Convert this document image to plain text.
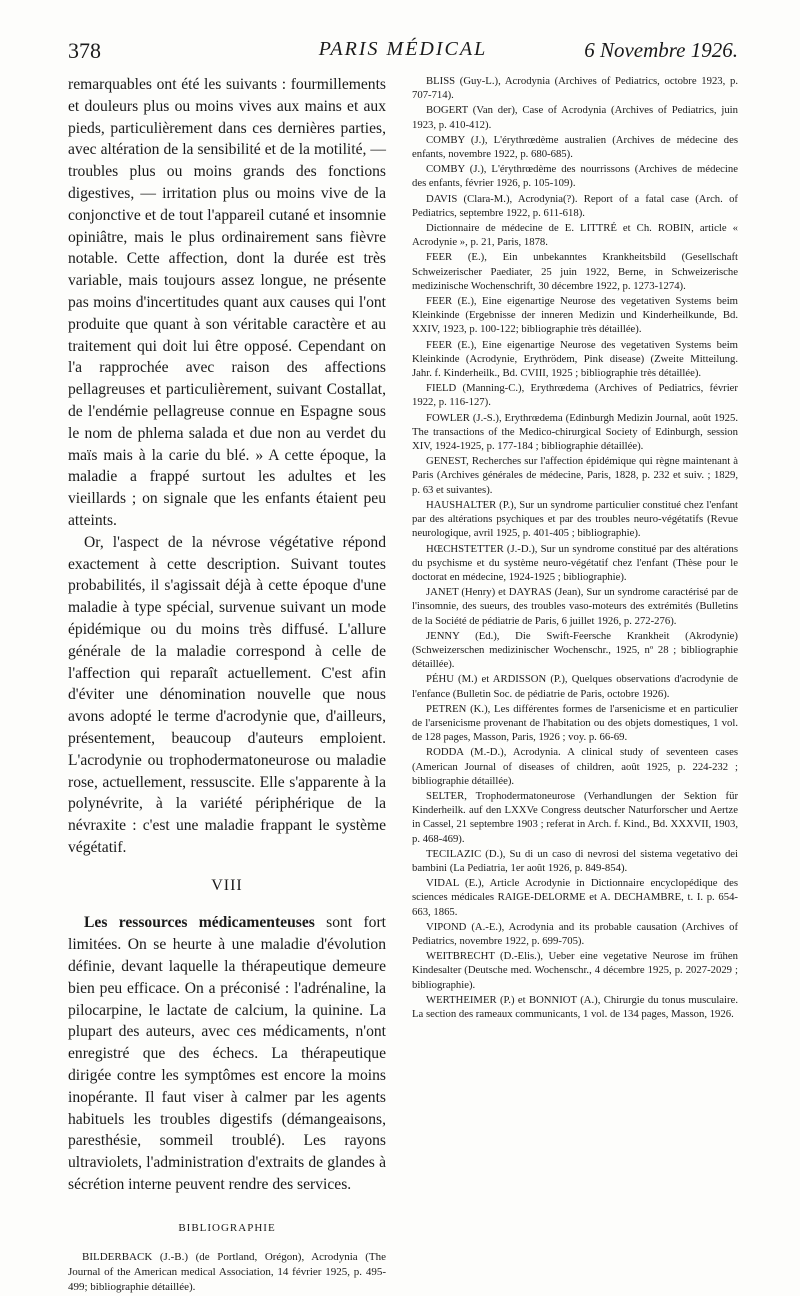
378	PARIS MÉDICAL	6 Novembre 1926.

remarquables ont été les suivants : fourmillements et douleurs plus ou moins vives aux mains et aux pieds, particulièrement dans ces dernières parties, avec altération de la sensibilité et de la motilité, — troubles plus ou moins grands des fonctions digestives, — irritation plus ou moins vive de la conjonctive et de tout l'appareil cutané et insomnie opiniâtre, mais le plus ordinairement sans fièvre notable. Cette affection, dont la durée est très variable, mais toujours assez longue, ne présente pas moins d'incertitudes quant aux causes qui l'ont produite que quant à son véritable caractère et au traitement qui doit lui être opposé. Cependant on l'a rapprochée avec raison des affections pellagreuses et particulièrement, suivant Costallat, de l'endémie pellagreuse connue en Espagne sous le nom de phlema salada et due non au verdet du maïs mais à la carie du blé. » A cette époque, la maladie a frappé surtout les adultes et les vieillards ; on signale que les enfants étaient peu atteints.

Or, l'aspect de la névrose végétative répond exactement à cette description. Suivant toutes probabilités, il s'agissait déjà à cette époque d'une maladie à type spécial, survenue suivant un mode épidémique ou du moins très diffusé. L'allure générale de la maladie correspond à celle de l'affection qui reparaît actuellement. C'est afin d'éviter une dénomination nouvelle que nous avons adopté le terme d'acrodynie que, d'ailleurs, présentement, beaucoup d'auteurs emploient. L'acrodynie ou trophodermatoneurose ou maladie rose, actuellement, ressuscite. Elle s'apparente à la polynévrite, à la variété périphérique de la névraxite : c'est une maladie frappant le système végétatif.

VIII

Les ressources médicamenteuses sont fort limitées. On se heurte à une maladie d'évolution définie, devant laquelle la thérapeutique demeure bien peu efficace. On a préconisé : l'adrénaline, la pilocarpine, le lactate de calcium, la quinine. La plupart des auteurs, avec ces médicaments, n'ont enregistré que des échecs. La thérapeutique dirigée contre les symptômes est encore la moins inopérante. Il faut viser à calmer par les agents habituels les troubles digestifs (démangeaisons, paresthésie, sommeil troublé). Les rayons ultraviolets, l'administration d'extraits de glandes à sécrétion interne peuvent rendre des services.

BIBLIOGRAPHIE
BILDERBACK (J.-B.) (de Portland, Orégon), Acrodynia (The Journal of the American medical Association, 14 février 1925, p. 495-499; bibliographie détaillée).
BLISS (Guy-L.), Acrodynia (Archives of Pediatrics, octobre 1923, p. 707-714).
BOGERT (Van der), Case of Acrodynia (Archives of Pediatrics, juin 1923, p. 410-412).
COMBY (J.), L'érythrœdème australien (Archives de médecine des enfants, novembre 1922, p. 680-685).
COMBY (J.), L'érythrœdème des nourrissons (Archives de médecine des enfants, février 1926, p. 105-109).
DAVIS (Clara-M.), Acrodynia(?). Report of a fatal case (Arch. of Pediatrics, septembre 1922, p. 611-618).
Dictionnaire de médecine de E. LITTRÉ et Ch. ROBIN, article « Acrodynie », p. 21, Paris, 1878.
FEER (E.), Ein unbekanntes Krankheitsbild (Gesellschaft Schweizerischer Paediater, 25 juin 1922, Berne, in Schweizerische medizinische Wochenschrift, 30 décembre 1922, p. 1273-1274).
FEER (E.), Eine eigenartige Neurose des vegetativen Systems beim Kleinkinde (Ergebnisse der inneren Medizin und Kinderheilkunde, Bd. XXIV, 1923, p. 100-122; bibliographie très détaillée).
FEER (E.), Eine eigenartige Neurose des vegetativen Systems beim Kleinkinde (Acrodynie, Erythrödem, Pink disease) (Zweite Mitteilung. Jahr. f. Kinderheilk., Bd. CVIII, 1925 ; bibliographie très détaillée).
FIELD (Manning-C.), Erythrœdema (Archives of Pediatrics, février 1922, p. 116-127).
FOWLER (J.-S.), Erythrœdema (Edinburgh Medizin Journal, août 1925. The transactions of the Medico-chirurgical Society of Edinburgh, session XIV, 1924-1925, p. 177-184 ; bibliographie détaillée).
GENEST, Recherches sur l'affection épidémique qui règne maintenant à Paris (Archives générales de médecine, Paris, 1828, p. 232 et suiv. ; 1829, p. 63 et suivantes).
HAUSHALTER (P.), Sur un syndrome particulier constitué chez l'enfant par des altérations psychiques et par des troubles neuro-végétatifs (Revue neurologique, avril 1925, p. 401-405 ; bibliographie).
HŒCHSTETTER (J.-D.), Sur un syndrome constitué par des altérations du psychisme et du système neuro-végétatif chez l'enfant (Thèse pour le doctorat en médecine, 1924-1925 ; bibliographie).
JANET (Henry) et DAYRAS (Jean), Sur un syndrome caractérisé par de l'insomnie, des sueurs, des troubles vaso-moteurs des extrémités (Bulletins de la Société de pédiatrie de Paris, 6 juillet 1926, p. 272-276).
JENNY (Ed.), Die Swift-Feersche Krankheit (Akrodynie) (Schweizerschen medizinischer Wochenschr., 1925, nº 28 ; bibliographie détaillée).
PÉHU (M.) et ARDISSON (P.), Quelques observations d'acrodynie de l'enfance (Bulletin Soc. de pédiatrie de Paris, octobre 1926).
PETREN (K.), Les différentes formes de l'arsenicisme et en particulier de l'arsenicisme provenant de l'habitation ou des objets domestiques, 1 vol. de 128 pages, Masson, Paris, 1926 ; voy. p. 66-69.
RODDA (M.-D.), Acrodynia. A clinical study of seventeen cases (American Journal of diseases of children, août 1925, p. 224-232 ; bibliographie détaillée).
SELTER, Trophodermatoneurose (Verhandlungen der Sektion für Kinderheilk. auf den LXXVe Congress deutscher Naturforscher und Aertze in Cassel, 21 septembre 1903 ; referat in Arch. f. Kind., Bd. XXXVII, 1903, p. 468-469).
TECILAZIC (D.), Su di un caso di nevrosi del sistema vegetativo dei bambini (La Pediatria, 1er août 1926, p. 849-854).
VIDAL (E.), Article Acrodynie in Dictionnaire encyclopédique des sciences médicales RAIGE-DELORME et A. DECHAMBRE, t. I. p. 654-663, 1865.
VIPOND (A.-E.), Acrodynia and its probable causation (Archives of Pediatrics, novembre 1922, p. 699-705).
WEITBRECHT (D.-Elis.), Ueber eine vegetative Neurose im frühen Kindesalter (Deutsche med. Wochenschr., 4 décembre 1925, p. 2027-2029 ; bibliographie).
WERTHEIMER (P.) et BONNIOT (A.), Chirurgie du tonus musculaire. La section des rameaux communicants, 1 vol. de 134 pages, Masson, 1926.
